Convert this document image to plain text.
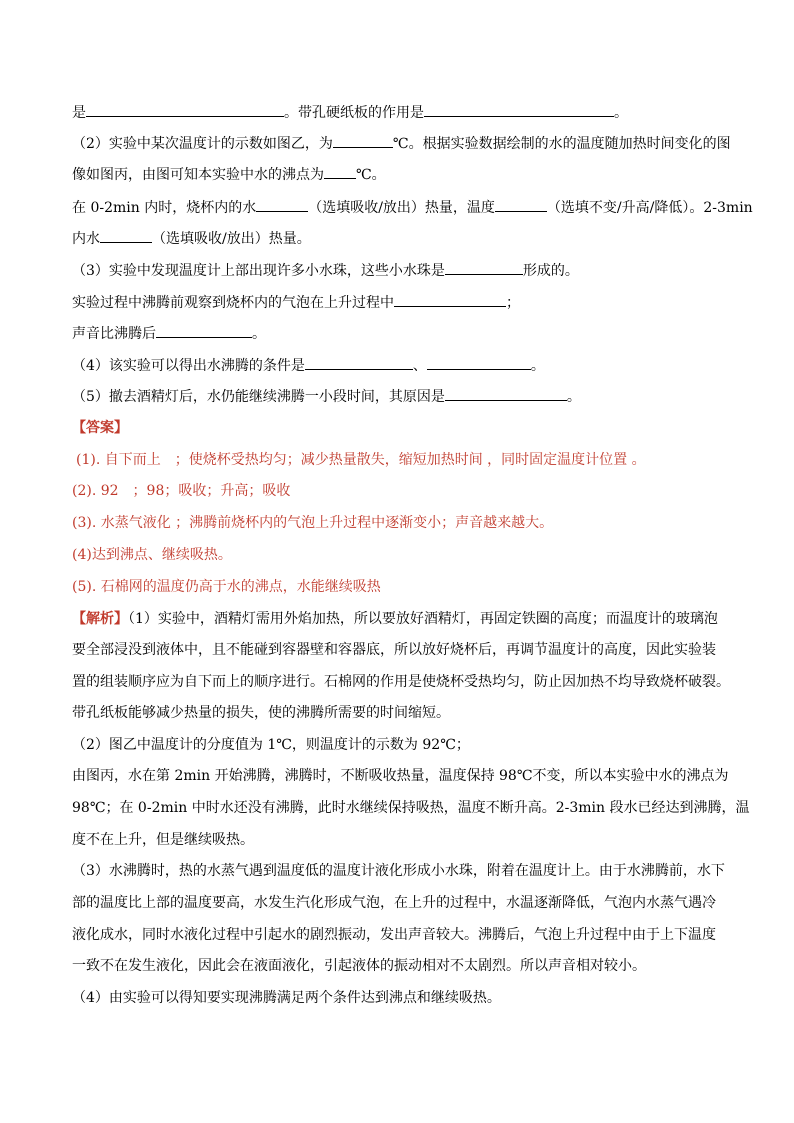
是	。带孔硬纸板的作用是	。
（2）实验中某次温度计的示数如图乙，为	℃。根据实验数据绘制的水的温度随加热时间变化的图
像如图丙，由图可知本实验中水的沸点为 ℃。
在 0-2min 内时，烧杯内的水	（选填吸收/放出）热量，温度	（选填不变/升高/降低）。2-3min
内水	（选填吸收/放出）热量。
（3）实验中发现温度计上部出现许多小水珠，这些小水珠是	形成的。
实验过程中沸腾前观察到烧杯内的气泡在上升过程中	；
声音比沸腾后	。
（4）该实验可以得出水沸腾的条件是	、	。
（5）撤去酒精灯后，水仍能继续沸腾一小段时间，其原因是	。
【答案】
(1). 自下而上　；使烧杯受热均匀；减少热量散失，缩短加热时间 ，同时固定温度计位置 。
(2). 92　；98；吸收；升高；吸收
(3). 水蒸气液化 ；沸腾前烧杯内的气泡上升过程中逐渐变小；声音越来越大。
(4)达到沸点、继续吸热。
(5). 石棉网的温度仍高于水的沸点，水能继续吸热
【解析】（1）实验中，酒精灯需用外焰加热，所以要放好酒精灯，再固定铁圈的高度；而温度计的玻璃泡
要全部浸没到液体中，且不能碰到容器壁和容器底，所以放好烧杯后，再调节温度计的高度，因此实验装
置的组装顺序应为自下而上的顺序进行。石棉网的作用是使烧杯受热均匀，防止因加热不均导致烧杯破裂。
带孔纸板能够减少热量的损失，使的沸腾所需要的时间缩短。
（2）图乙中温度计的分度值为 1℃，则温度计的示数为 92℃；
由图丙，水在第 2min 开始沸腾，沸腾时，不断吸收热量，温度保持 98℃不变，所以本实验中水的沸点为
98℃；在 0-2min 中时水还没有沸腾，此时水继续保持吸热，温度不断升高。2-3min 段水已经达到沸腾，温
度不在上升，但是继续吸热。
（3）水沸腾时，热的水蒸气遇到温度低的温度计液化形成小水珠，附着在温度计上。由于水沸腾前，水下
部的温度比上部的温度要高，水发生汽化形成气泡，在上升的过程中，水温逐渐降低，气泡内水蒸气遇冷
液化成水，同时水液化过程中引起水的剧烈振动，发出声音较大。沸腾后，气泡上升过程中由于上下温度
一致不在发生液化，因此会在液面液化，引起液体的振动相对不太剧烈。所以声音相对较小。
（4）由实验可以得知要实现沸腾满足两个条件达到沸点和继续吸热。
